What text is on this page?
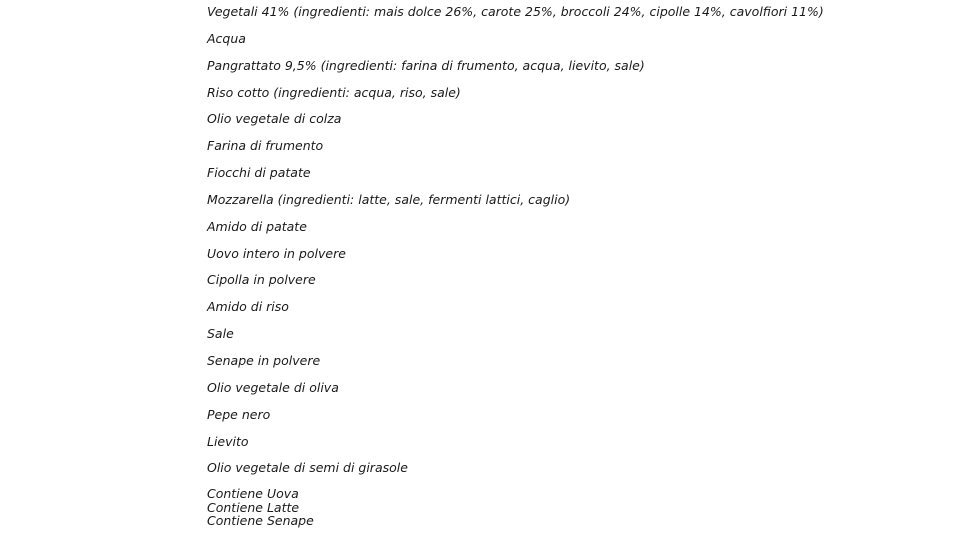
Vegetali 41% (ingredienti: mais dolce 26%, carote 25%, broccoli 24%, cipolle 14%, cavolfiori 11%)
Acqua
Pangrattato 9,5% (ingredienti: farina di frumento, acqua, lievito, sale)
Riso cotto (ingredienti: acqua, riso, sale)
Olio vegetale di colza
Farina di frumento
Fiocchi di patate
Mozzarella (ingredienti: latte, sale, fermenti lattici, caglio)
Amido di patate
Uovo intero in polvere
Cipolla in polvere
Amido di riso
Sale
Senape in polvere
Olio vegetale di oliva
Pepe nero
Lievito
Olio vegetale di semi di girasole
Contiene Uova
Contiene Latte
Contiene Senape
